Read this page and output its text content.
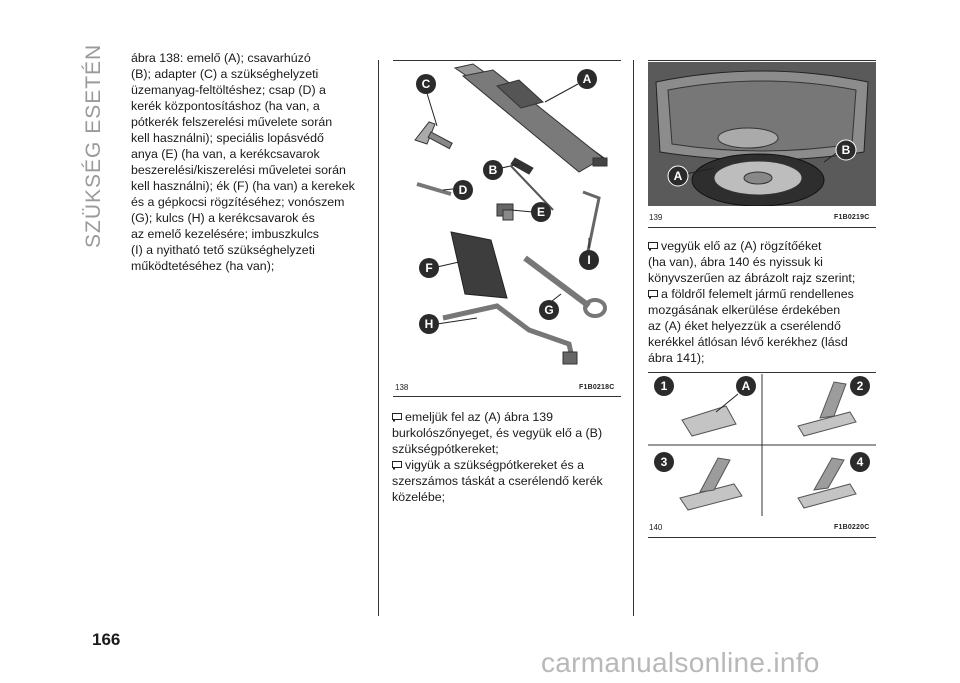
SZÜKSÉG ESETÉN
166

ábra 138: emelő (A); csavarhúzó
(B); adapter (C) a szükséghelyzeti
üzemanyag-feltöltéshez; csap (D) a
kerék központosításhoz (ha van, a
pótkerék felszerelési művelete során
kell használni); speciális lopásvédő
anya (E) (ha van, a kerékcsavarok
beszerelési/kiszerelési műveletei során
kell használni); ék (F) (ha van) a kerekek
és a gépkocsi rögzítéséhez; vonószem
(G); kulcs (H) a kerékcsavarok és
az emelő kezelésére; imbuszkulcs
(I) a nyitható tető szükséghelyzeti
működtetéséhez (ha van);

A
B
C
D
E
F
G
H
I
138	F1B0218C
emeljük fel az (A) ábra 139
burkolószőnyeget, és vegyük elő a (B)
szükségpótkereket;
vigyük a szükségpótkereket és a
szerszámos táskát a cserélendő kerék
közelébe;
A
B
139	F1B0219C
vegyük elő az (A) rögzítőéket
(ha van), ábra 140 és nyissuk ki
könyvszerűen az ábrázolt rajz szerint;
a földről felemelt jármű rendellenes
mozgásának elkerülése érdekében
az (A) éket helyezzük a cserélendő
kerékkel átlósan lévő kerékhez (lásd
ábra 141);
1	A	2
3	4
140	F1B0220C
carmanualsonline.info
